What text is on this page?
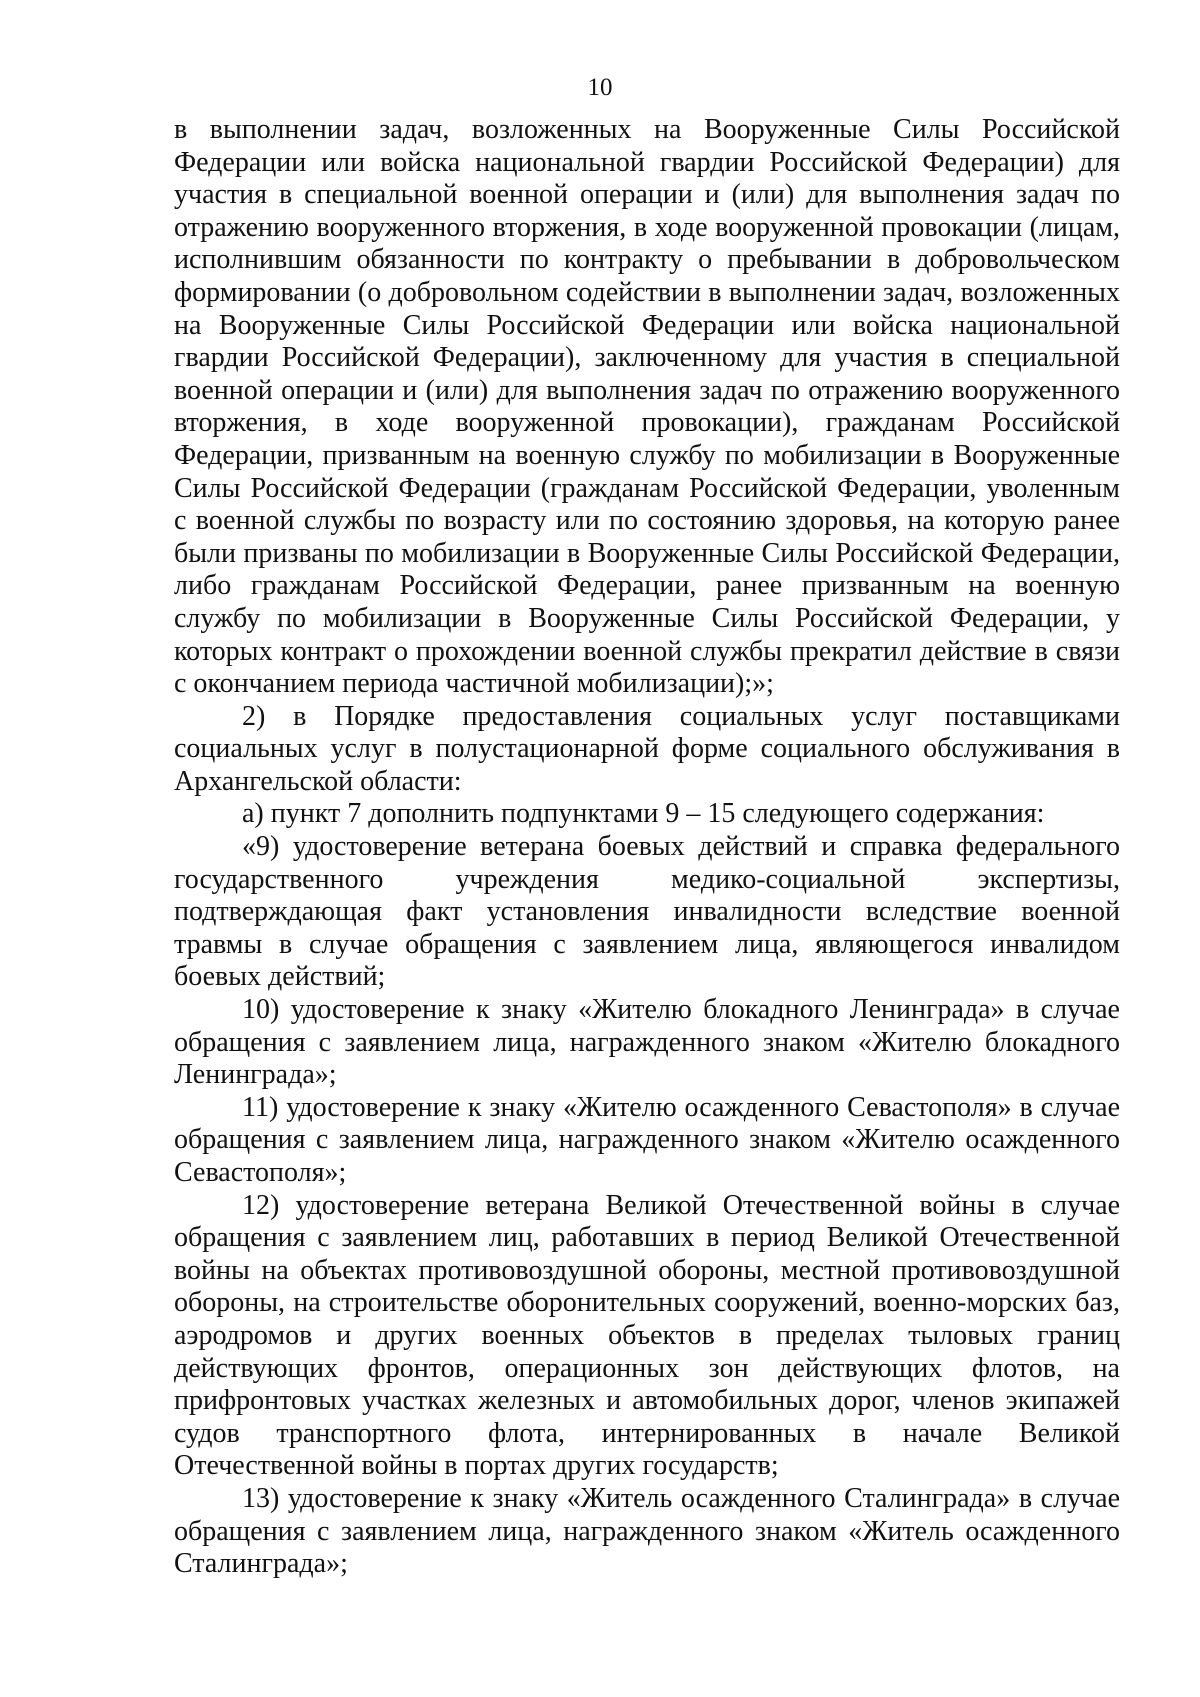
10

в выполнении задач, возложенных на Вооруженные Силы Российской Федерации или войска национальной гвардии Российской Федерации) для участия в специальной военной операции и (или) для выполнения задач по отражению вооруженного вторжения, в ходе вооруженной провокации (лицам, исполнившим обязанности по контракту о пребывании в добровольческом формировании (о добровольном содействии в выполнении задач, возложенных на Вооруженные Силы Российской Федерации или войска национальной гвардии Российской Федерации), заключенному для участия в специальной военной операции и (или) для выполнения задач по отражению вооруженного вторжения, в ходе вооруженной провокации), гражданам Российской Федерации, призванным на военную службу по мобилизации в Вооруженные Силы Российской Федерации (гражданам Российской Федерации, уволенным с военной службы по возрасту или по состоянию здоровья, на которую ранее были призваны по мобилизации в Вооруженные Силы Российской Федерации, либо гражданам Российской Федерации, ранее призванным на военную службу по мобилизации в Вооруженные Силы Российской Федерации, у которых контракт о прохождении военной службы прекратил действие в связи с окончанием периода частичной мобилизации);»;

2) в Порядке предоставления социальных услуг поставщиками социальных услуг в полустационарной форме социального обслуживания в Архангельской области:

а) пункт 7 дополнить подпунктами 9 – 15 следующего содержания:

«9) удостоверение ветерана боевых действий и справка федерального государственного учреждения медико-социальной экспертизы, подтверждающая факт установления инвалидности вследствие военной травмы в случае обращения с заявлением лица, являющегося инвалидом боевых действий;

10) удостоверение к знаку «Жителю блокадного Ленинграда» в случае обращения с заявлением лица, награжденного знаком «Жителю блокадного Ленинграда»;

11) удостоверение к знаку «Жителю осажденного Севастополя» в случае обращения с заявлением лица, награжденного знаком «Жителю осажденного Севастополя»;

12) удостоверение ветерана Великой Отечественной войны в случае обращения с заявлением лиц, работавших в период Великой Отечественной войны на объектах противовоздушной обороны, местной противовоздушной обороны, на строительстве оборонительных сооружений, военно-морских баз, аэродромов и других военных объектов в пределах тыловых границ действующих фронтов, операционных зон действующих флотов, на прифронтовых участках железных и автомобильных дорог, членов экипажей судов транспортного флота, интернированных в начале Великой Отечественной войны в портах других государств;

13) удостоверение к знаку «Житель осажденного Сталинграда» в случае обращения с заявлением лица, награжденного знаком «Житель осажденного Сталинграда»;
